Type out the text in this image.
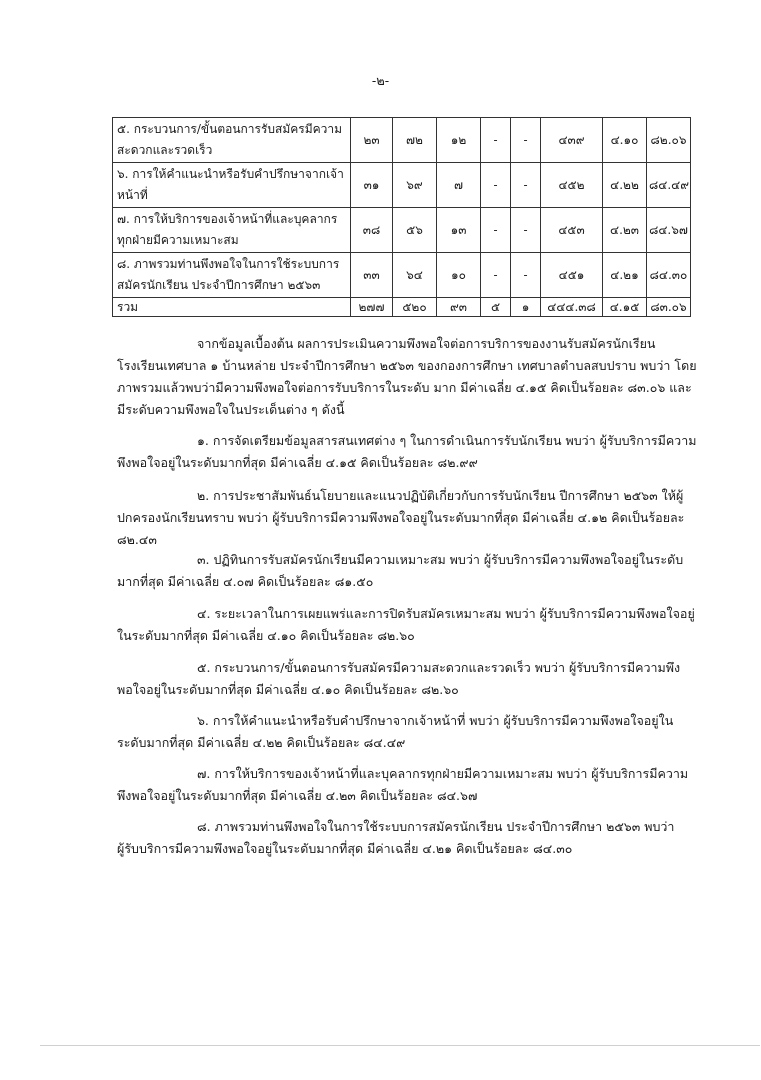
-๒-
๕. กระบวนการ/ขั้นตอนการรับสมัครมีความสะดวกและรวดเร็ว	๒๓	๗๒	๑๒	-	-	๔๓๙	๔.๑๐	๘๒.๐๖
๖. การให้คำแนะนำหรือรับคำปรึกษาจากเจ้าหน้าที่	๓๑	๖๙	๗	-	-	๔๕๒	๔.๒๒	๘๔.๔๙
๗. การให้บริการของเจ้าหน้าที่และบุคลากรทุกฝ่ายมีความเหมาะสม	๓๘	๕๖	๑๓	-	-	๔๕๓	๔.๒๓	๘๔.๖๗
๘. ภาพรวมท่านพึงพอใจในการใช้ระบบการสมัครนักเรียน ประจำปีการศึกษา ๒๕๖๓	๓๓	๖๔	๑๐	-	-	๔๕๑	๔.๒๑	๘๔.๓๐
รวม	๒๗๗	๕๒๐	๙๓	๕	๑	๔๔๔.๓๘	๔.๑๕	๘๓.๐๖
จากข้อมูลเบื้องต้น ผลการประเมินความพึงพอใจต่อการบริการของงานรับสมัครนักเรียน โรงเรียนเทศบาล ๑ บ้านหล่าย ประจำปีการศึกษา ๒๕๖๓ ของกองการศึกษา เทศบาลตำบลสบปราบ พบว่า โดยภาพรวมแล้วพบว่ามีความพึงพอใจต่อการรับบริการในระดับ มาก มีค่าเฉลี่ย ๔.๑๕ คิดเป็นร้อยละ ๘๓.๐๖ และมีระดับความพึงพอใจในประเด็นต่าง ๆ ดังนี้
๑. การจัดเตรียมข้อมูลสารสนเทศต่าง ๆ ในการดำเนินการรับนักเรียน พบว่า ผู้รับบริการมีความพึงพอใจอยู่ในระดับมากที่สุด มีค่าเฉลี่ย ๔.๑๕ คิดเป็นร้อยละ ๘๒.๙๙
๒. การประชาสัมพันธ์นโยบายและแนวปฏิบัติเกี่ยวกับการรับนักเรียน ปีการศึกษา ๒๕๖๓ ให้ผู้ปกครองนักเรียนทราบ พบว่า ผู้รับบริการมีความพึงพอใจอยู่ในระดับมากที่สุด มีค่าเฉลี่ย ๔.๑๒ คิดเป็นร้อยละ ๘๒.๔๓
๓. ปฏิทินการรับสมัครนักเรียนมีความเหมาะสม พบว่า ผู้รับบริการมีความพึงพอใจอยู่ในระดับมากที่สุด มีค่าเฉลี่ย ๔.๐๗ คิดเป็นร้อยละ ๘๑.๕๐
๔. ระยะเวลาในการเผยแพร่และการปิดรับสมัครเหมาะสม พบว่า ผู้รับบริการมีความพึงพอใจอยู่ในระดับมากที่สุด มีค่าเฉลี่ย ๔.๑๐ คิดเป็นร้อยละ ๘๒.๖๐
๕. กระบวนการ/ขั้นตอนการรับสมัครมีความสะดวกและรวดเร็ว พบว่า ผู้รับบริการมีความพึงพอใจอยู่ในระดับมากที่สุด มีค่าเฉลี่ย ๔.๑๐ คิดเป็นร้อยละ ๘๒.๖๐
๖. การให้คำแนะนำหรือรับคำปรึกษาจากเจ้าหน้าที่ พบว่า ผู้รับบริการมีความพึงพอใจอยู่ในระดับมากที่สุด มีค่าเฉลี่ย ๔.๒๒ คิดเป็นร้อยละ ๘๔.๔๙
๗. การให้บริการของเจ้าหน้าที่และบุคลากรทุกฝ่ายมีความเหมาะสม พบว่า ผู้รับบริการมีความพึงพอใจอยู่ในระดับมากที่สุด มีค่าเฉลี่ย ๔.๒๓ คิดเป็นร้อยละ ๘๔.๖๗
๘. ภาพรวมท่านพึงพอใจในการใช้ระบบการสมัครนักเรียน ประจำปีการศึกษา ๒๕๖๓ พบว่า ผู้รับบริการมีความพึงพอใจอยู่ในระดับมากที่สุด มีค่าเฉลี่ย ๔.๒๑ คิดเป็นร้อยละ ๘๔.๓๐
